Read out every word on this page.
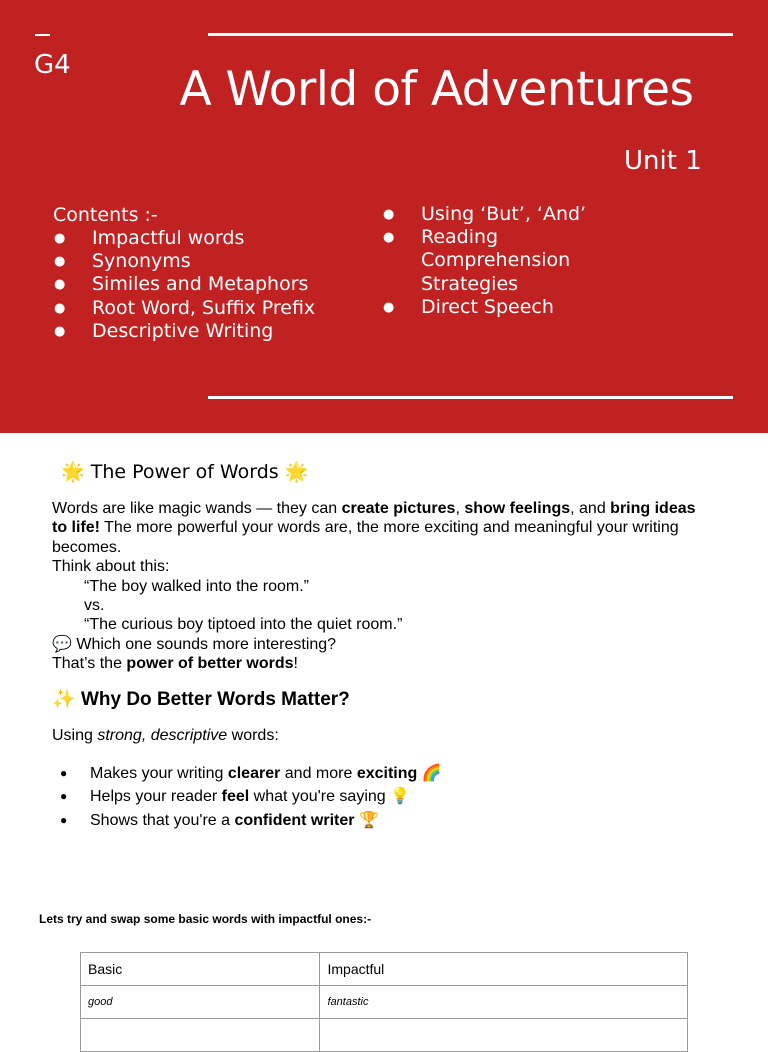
G4	A World of Adventures
Unit 1
Contents :-
● Impactful words
● Synonyms
● Similes and Metaphors
● Root Word, Suffix Prefix
● Descriptive Writing
● Using ‘But’, ‘And’
● Reading Comprehension Strategies
● Direct Speech
🌟 The Power of Words 🌟

Words are like magic wands — they can create pictures, show feelings, and bring ideas to life! The more powerful your words are, the more exciting and meaningful your writing becomes.

Think about this:

“The boy walked into the room.”

vs.

“The curious boy tiptoed into the quiet room.”

💬 Which one sounds more interesting?

That’s the power of better words!

✨ Why Do Better Words Matter?
Using strong, descriptive words:
● Makes your writing clearer and more exciting 🌈
● Helps your reader feel what you're saying 💡
● Shows that you're a confident writer 🏆
Lets try and swap some basic words with impactful ones:-
Basic	Impactful
good	fantastic
